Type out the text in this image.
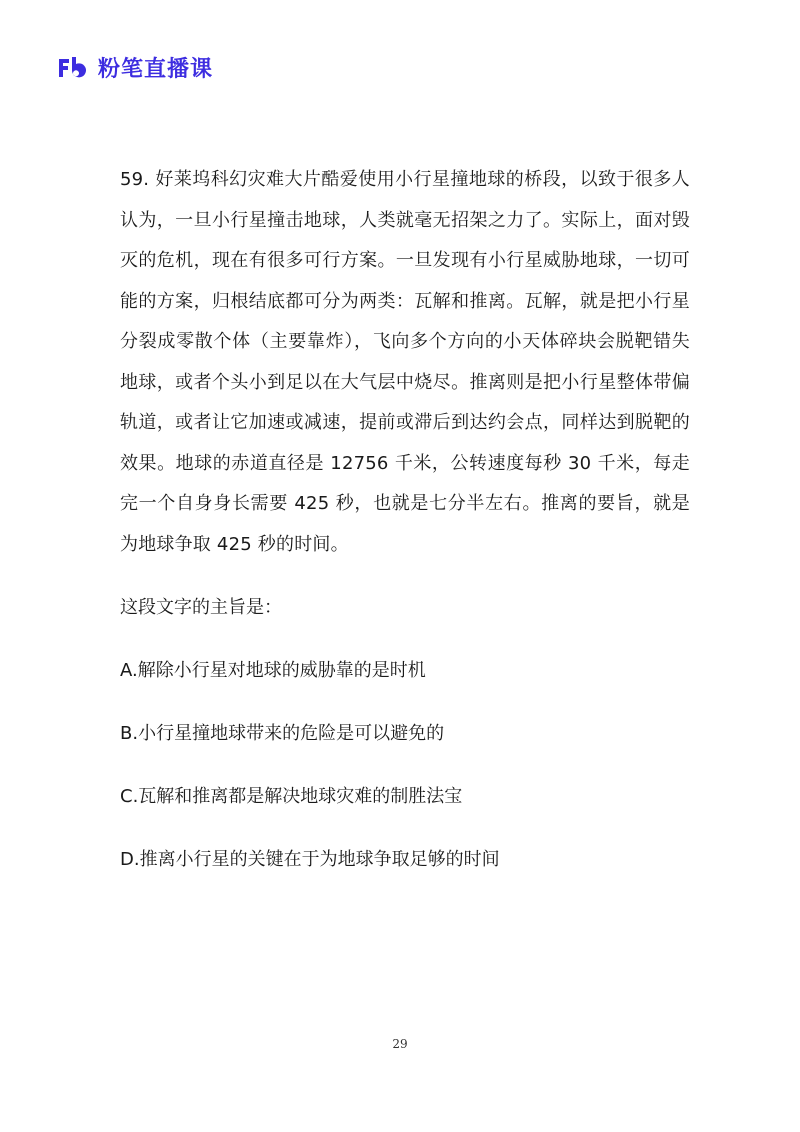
粉笔直播课

59. 好莱坞科幻灾难大片酷爱使用小行星撞地球的桥段，以致于很多人认为，一旦小行星撞击地球，人类就毫无招架之力了。实际上，面对毁灭的危机，现在有很多可行方案。一旦发现有小行星威胁地球，一切可能的方案，归根结底都可分为两类：瓦解和推离。瓦解，就是把小行星分裂成零散个体（主要靠炸），飞向多个方向的小天体碎块会脱靶错失地球，或者个头小到足以在大气层中烧尽。推离则是把小行星整体带偏轨道，或者让它加速或减速，提前或滞后到达约会点，同样达到脱靶的效果。地球的赤道直径是 12756 千米，公转速度每秒 30 千米，每走完一个自身身长需要 425 秒，也就是七分半左右。推离的要旨，就是为地球争取 425 秒的时间。

这段文字的主旨是：

A.解除小行星对地球的威胁靠的是时机

B.小行星撞地球带来的危险是可以避免的

C.瓦解和推离都是解决地球灾难的制胜法宝

D.推离小行星的关键在于为地球争取足够的时间

29
